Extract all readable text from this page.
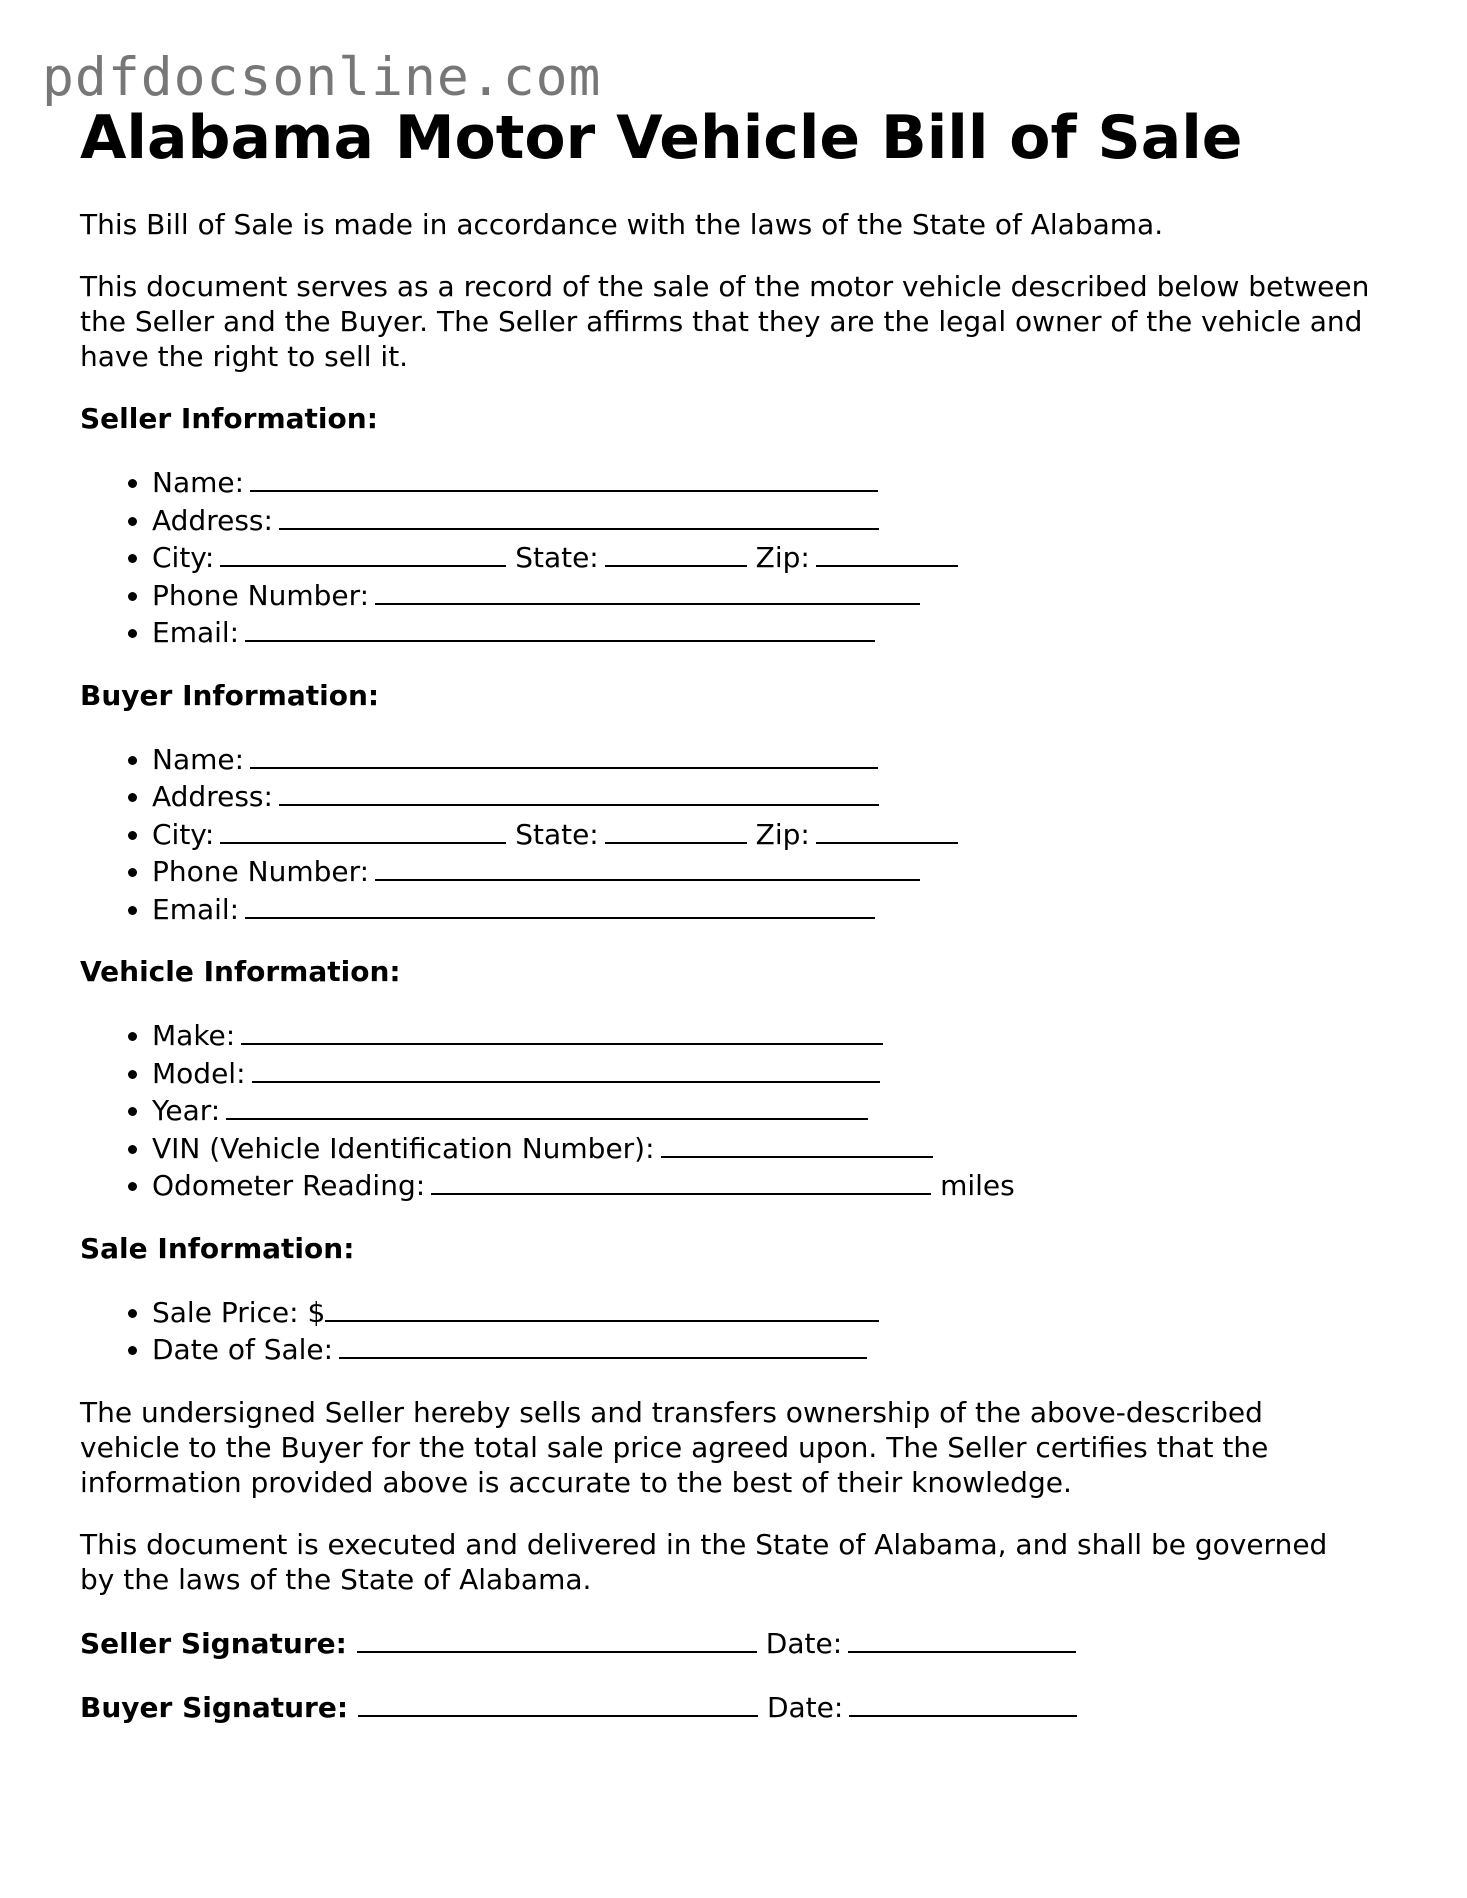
pdfdocsonline.com
Alabama Motor Vehicle Bill of Sale

This Bill of Sale is made in accordance with the laws of the State of Alabama.

This document serves as a record of the sale of the motor vehicle described below between the Seller and the Buyer. The Seller affirms that they are the legal owner of the vehicle and have the right to sell it.

Seller Information:
• Name:
• Address:
• City:	State:	Zip:
• Phone Number:
• Email:
Buyer Information:
• Name:
• Address:
• City:	State:	Zip:
• Phone Number:
• Email:
Vehicle Information:
• Make:
• Model:
• Year:
• VIN (Vehicle Identification Number):
• Odometer Reading:	miles
Sale Information:
• Sale Price: $
• Date of Sale:

The undersigned Seller hereby sells and transfers ownership of the above-described vehicle to the Buyer for the total sale price agreed upon. The Seller certifies that the information provided above is accurate to the best of their knowledge.

This document is executed and delivered in the State of Alabama, and shall be governed by the laws of the State of Alabama.

Seller Signature:	Date:
Buyer Signature:	Date:
